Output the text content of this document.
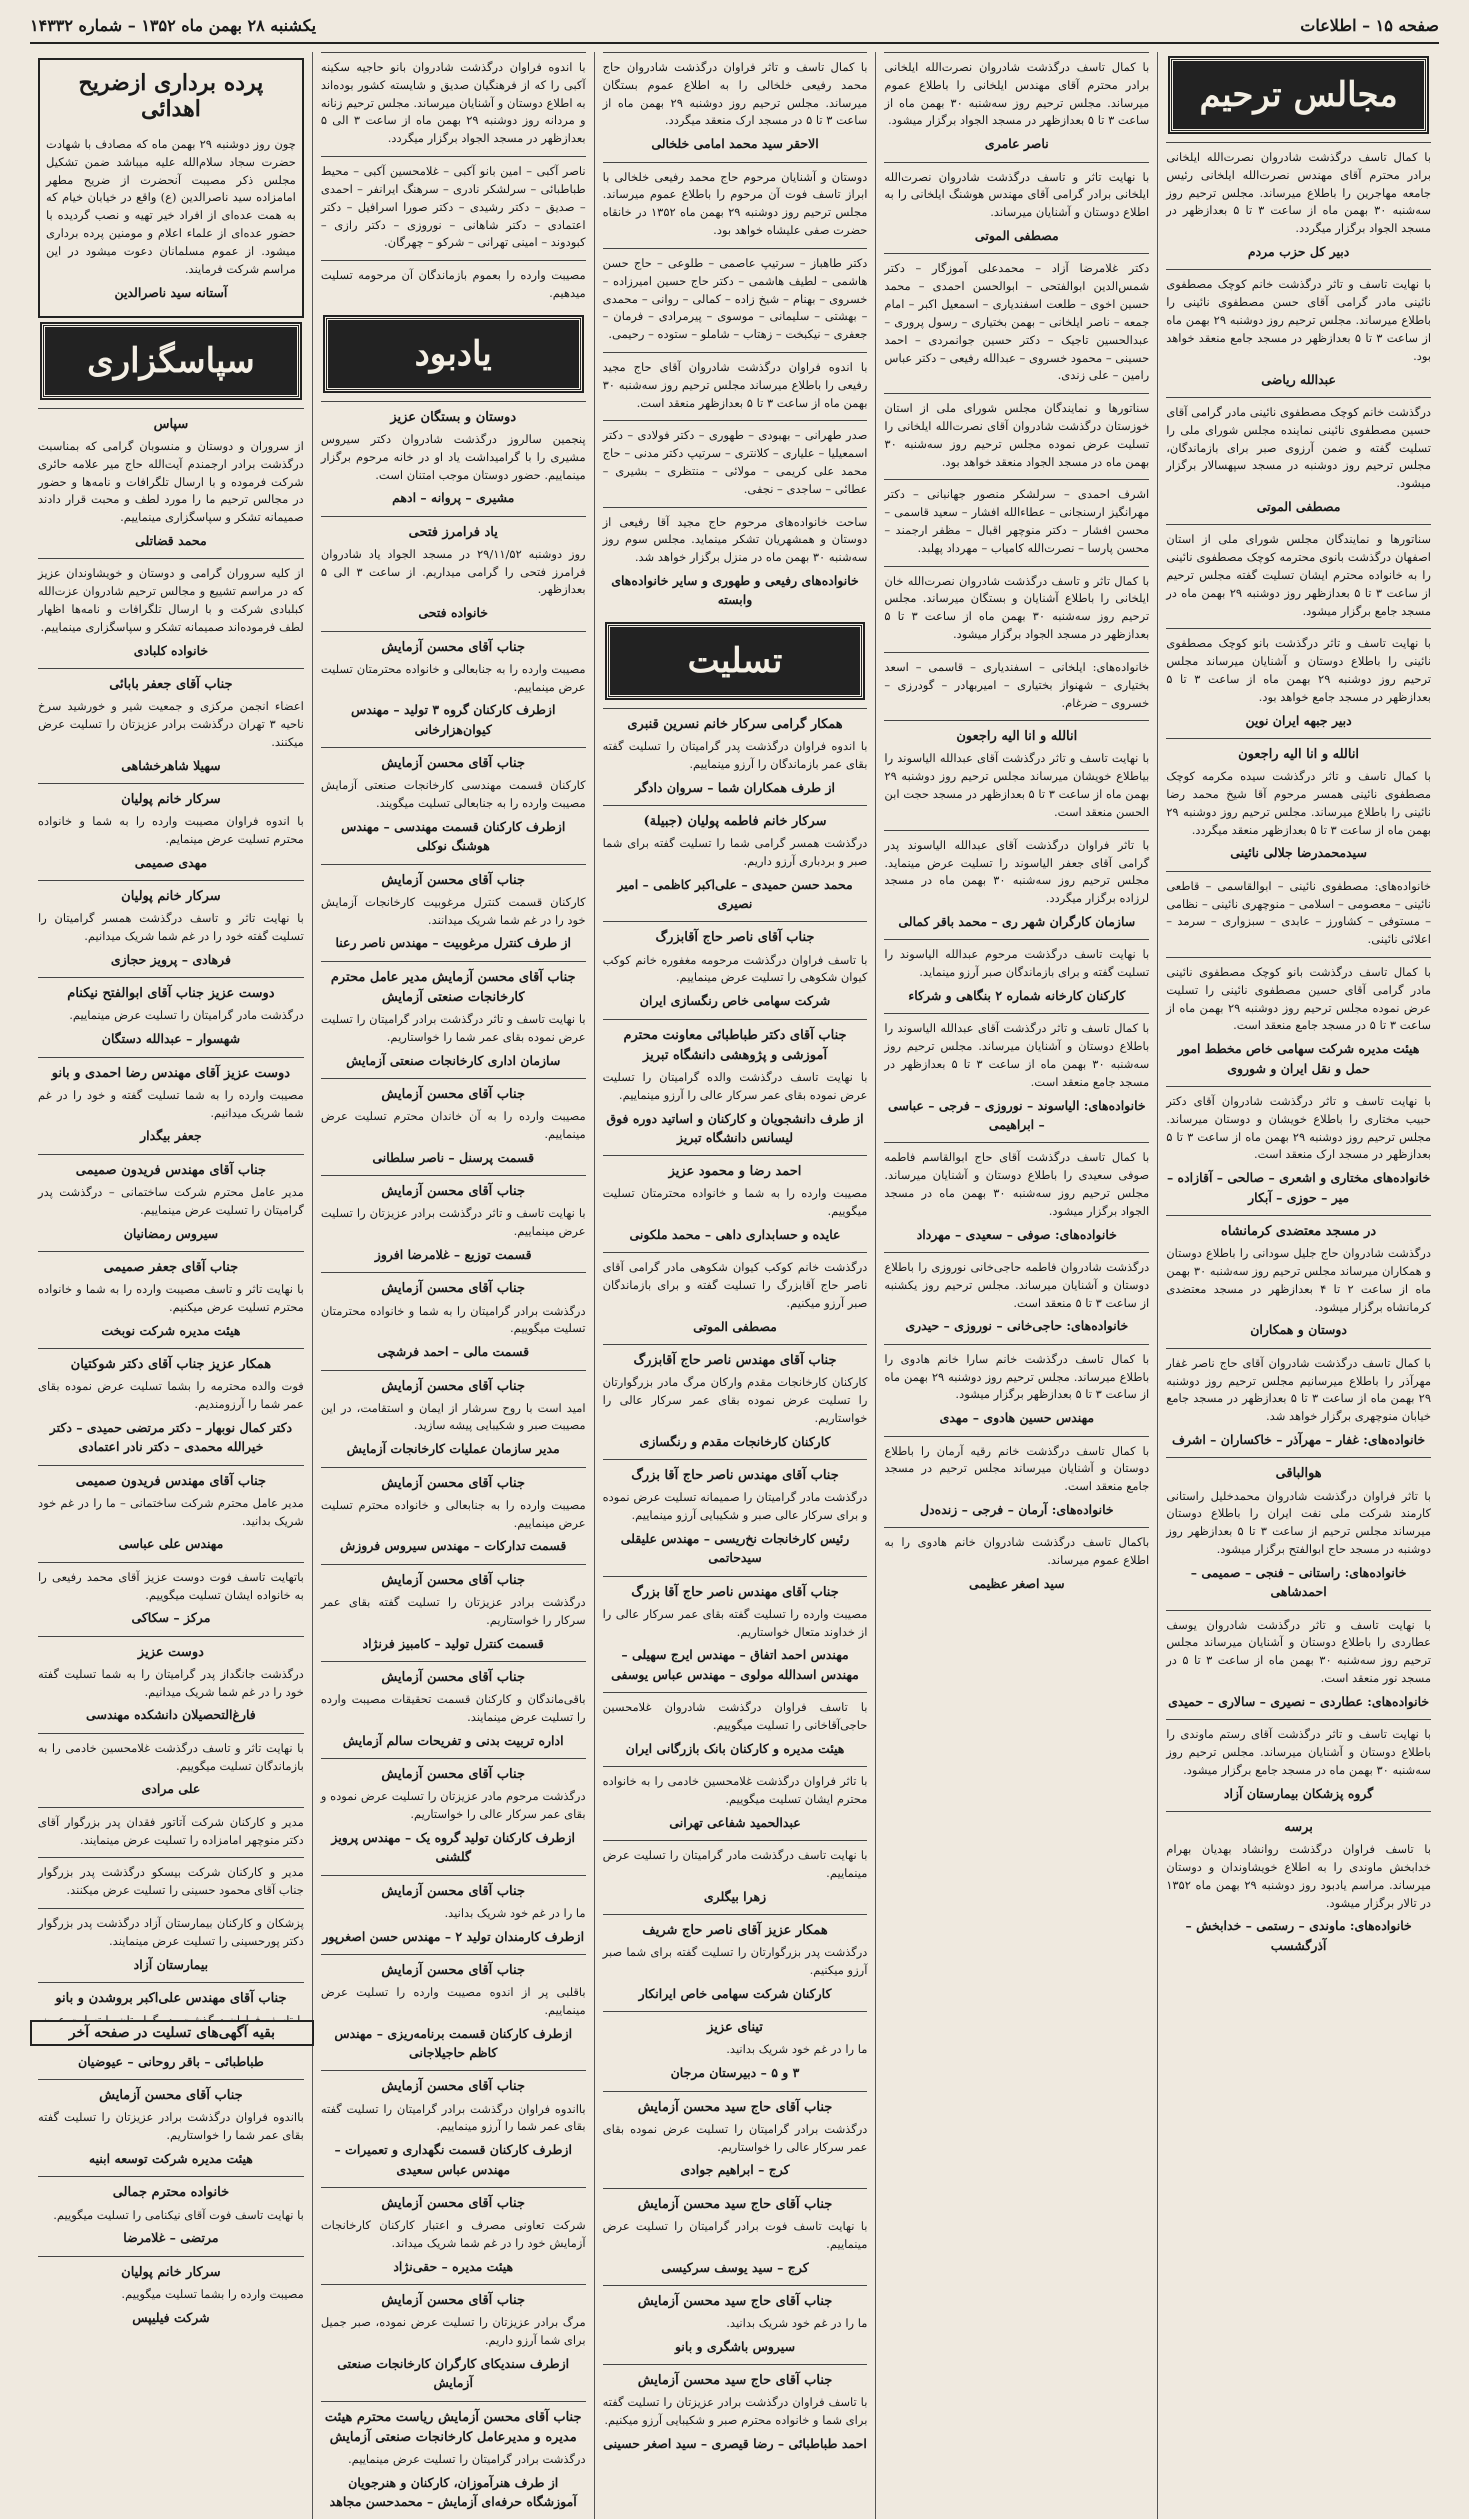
صفحه ۱۵ – اطلاعات
یکشنبه ۲۸ بهمن ماه ۱۳۵۲ – شماره ۱۴۳۳۲
مجالس ترحیم
با کمال تاسف درگذشت شادروان نصرت‌الله ایلخانی برادر محترم آقای مهندس نصرت‌الله ایلخانی رئیس جامعه مهاجرین را باطلاع میرساند. مجلس ترحیم روز سه‌شنبه ۳۰ بهمن ماه از ساعت ۳ تا ۵ بعدازظهر در مسجد الجواد برگزار میگردد.
دبیر کل حزب مردم
با نهایت تاسف و تاثر درگذشت خانم کوچک مصطفوی نائینی مادر گرامی آقای حسن مصطفوی نائینی را باطلاع میرساند. مجلس ترحیم روز دوشنبه ۲۹ بهمن ماه از ساعت ۳ تا ۵ بعدازظهر در مسجد جامع منعقد خواهد بود.
عبدالله ریاضی
درگذشت خانم کوچک مصطفوی نائینی مادر گرامی آقای حسین مصطفوی نائینی نماینده مجلس شورای ملی را تسلیت گفته و ضمن آرزوی صبر برای بازماندگان، مجلس ترحیم روز دوشنبه در مسجد سپهسالار برگزار میشود.
مصطفی الموتی
سناتورها و نمایندگان مجلس شورای ملی از استان اصفهان درگذشت بانوی محترمه کوچک مصطفوی نائینی را به خانواده محترم ایشان تسلیت گفته مجلس ترحیم از ساعت ۳ تا ۵ بعدازظهر روز دوشنبه ۲۹ بهمن ماه در مسجد جامع برگزار میشود.
با نهایت تاسف و تاثر درگذشت بانو کوچک مصطفوی نائینی را باطلاع دوستان و آشنایان میرساند مجلس ترحیم روز دوشنبه ۲۹ بهمن ماه از ساعت ۳ تا ۵ بعدازظهر در مسجد جامع خواهد بود.
دبیر جبهه ایران نوین
انالله و انا الیه راجعون
با کمال تاسف و تاثر درگذشت سیده مکرمه کوچک مصطفوی نائینی همسر مرحوم آقا شیخ محمد رضا نائینی را باطلاع میرساند. مجلس ترحیم روز دوشنبه ۲۹ بهمن ماه از ساعت ۳ تا ۵ بعدازظهر منعقد میگردد.
سیدمحمدرضا جلالی نائینی
خانواده‌های: مصطفوی نائینی – ابوالقاسمی – قاطعی نائینی – معصومی – اسلامی – منوچهری نائینی – نظامی – مستوفی – کشاورز – عابدی – سبزواری – سرمد – اعلائی نائینی.
با کمال تاسف درگذشت بانو کوچک مصطفوی نائینی مادر گرامی آقای حسین مصطفوی نائینی را تسلیت عرض نموده مجلس ترحیم روز دوشنبه ۲۹ بهمن ماه از ساعت ۳ تا ۵ در مسجد جامع منعقد است.
هیئت مدیره شرکت سهامی خاص مخطط امور حمل و نقل ایران و شوروی
با نهایت تاسف و تاثر درگذشت شادروان آقای دکتر حبیب مختاری را باطلاع خویشان و دوستان میرساند. مجلس ترحیم روز دوشنبه ۲۹ بهمن ماه از ساعت ۳ تا ۵ بعدازظهر در مسجد ارک منعقد است.
خانواده‌های مختاری و اشعری – صالحی – آقازاده – میر – حوزی – آبکار
در مسجد معتضدی کرمانشاه
درگذشت شادروان حاج جلیل سودانی را باطلاع دوستان و همکاران میرساند مجلس ترحیم روز سه‌شنبه ۳۰ بهمن ماه از ساعت ۲ تا ۴ بعدازظهر در مسجد معتضدی کرمانشاه برگزار میشود.
دوستان و همکاران
با کمال تاسف درگذشت شادروان آقای حاج ناصر غفار مهرآذر را باطلاع میرسانیم مجلس ترحیم روز دوشنبه ۲۹ بهمن ماه از ساعت ۳ تا ۵ بعدازظهر در مسجد جامع خیابان منوچهری برگزار خواهد شد.
خانواده‌های: غفار – مهرآذر – خاکساران – اشرف
هوالباقی
با تاثر فراوان درگذشت شادروان محمدخلیل راستانی کارمند شرکت ملی نفت ایران را باطلاع دوستان میرساند مجلس ترحیم از ساعت ۳ تا ۵ بعدازظهر روز دوشنبه در مسجد حاج ابوالفتح برگزار میشود.
خانواده‌های: راستانی – فنجی – صمیمی – احمدشاهی
با نهایت تاسف و تاثر درگذشت شادروان یوسف عطاردی را باطلاع دوستان و آشنایان میرساند مجلس ترحیم روز سه‌شنبه ۳۰ بهمن ماه از ساعت ۳ تا ۵ در مسجد نور منعقد است.
خانواده‌های: عطاردی – نصیری – سالاری – حمیدی
با نهایت تاسف و تاثر درگذشت آقای رستم ماوندی را باطلاع دوستان و آشنایان میرساند. مجلس ترحیم روز سه‌شنبه ۳۰ بهمن ماه در مسجد جامع برگزار میشود.
گروه پزشکان بیمارستان آزاد
برسه
با تاسف فراوان درگذشت روانشاد بهدیان بهرام خدابخش ماوندی را به اطلاع خویشاوندان و دوستان میرساند. مراسم یادبود روز دوشنبه ۲۹ بهمن ماه ۱۳۵۲ در تالار برگزار میشود.
خانواده‌های: ماوندی – رستمی – خدابخش – آذرگشسب
با کمال تاسف درگذشت شادروان نصرت‌الله ایلخانی برادر محترم آقای مهندس ایلخانی را باطلاع عموم میرساند. مجلس ترحیم روز سه‌شنبه ۳۰ بهمن ماه از ساعت ۳ تا ۵ بعدازظهر در مسجد الجواد برگزار میشود.
ناصر عامری
با نهایت تاثر و تاسف درگذشت شادروان نصرت‌الله ایلخانی برادر گرامی آقای مهندس هوشنگ ایلخانی را به اطلاع دوستان و آشنایان میرساند.
مصطفی الموتی
دکتر غلامرضا آزاد – محمدعلی آموزگار – دکتر شمس‌الدین ابوالفتحی – ابوالحسن احمدی – محمد حسین اخوی – طلعت اسفندیاری – اسمعیل اکبر – امام جمعه – ناصر ایلخانی – بهمن بختیاری – رسول پروری – عبدالحسین تاجیک – دکتر حسین جوانمردی – احمد حسینی – محمود خسروی – عبدالله رفیعی – دکتر عباس رامین – علی زندی.
سناتورها و نمایندگان مجلس شورای ملی از استان خوزستان درگذشت شادروان آقای نصرت‌الله ایلخانی را تسلیت عرض نموده مجلس ترحیم روز سه‌شنبه ۳۰ بهمن ماه در مسجد الجواد منعقد خواهد بود.
اشرف احمدی – سرلشکر منصور جهانبانی – دکتر مهرانگیز ارسنجانی – عطاءالله افشار – سعید قاسمی – محسن افشار – دکتر منوچهر اقبال – مظفر ارجمند – محسن پارسا – نصرت‌الله کامیاب – مهرداد پهلبد.
با کمال تاثر و تاسف درگذشت شادروان نصرت‌الله خان ایلخانی را باطلاع آشنایان و بستگان میرساند. مجلس ترحیم روز سه‌شنبه ۳۰ بهمن ماه از ساعت ۳ تا ۵ بعدازظهر در مسجد الجواد برگزار میشود.
خانواده‌های: ایلخانی – اسفندیاری – قاسمی – اسعد بختیاری – شهنواز بختیاری – امیربهادر – گودرزی – خسروی – ضرغام.
انالله و انا الیه راجعون
با نهایت تاسف و تاثر درگذشت آقای عبدالله الیاسوند را بیاطلاع خویشان میرساند مجلس ترحیم روز دوشنبه ۲۹ بهمن ماه از ساعت ۳ تا ۵ بعدازظهر در مسجد حجت ابن الحسن منعقد است.
با تاثر فراوان درگذشت آقای عبدالله الیاسوند پدر گرامی آقای جعفر الیاسوند را تسلیت عرض مینماید. مجلس ترحیم روز سه‌شنبه ۳۰ بهمن ماه در مسجد لرزاده برگزار میگردد.
سازمان کارگران شهر ری – محمد باقر کمالی
با نهایت تاسف درگذشت مرحوم عبدالله الیاسوند را تسلیت گفته و برای بازماندگان صبر آرزو مینماید.
کارکنان کارخانه شماره ۲ بنگاهی و شرکاء
با کمال تاسف و تاثر درگذشت آقای عبدالله الیاسوند را باطلاع دوستان و آشنایان میرساند. مجلس ترحیم روز سه‌شنبه ۳۰ بهمن ماه از ساعت ۳ تا ۵ بعدازظهر در مسجد جامع منعقد است.
خانواده‌های: الیاسوند – نوروزی – فرجی – عباسی – ابراهیمی
با کمال تاسف درگذشت آقای حاج ابوالقاسم فاطمه صوفی سعیدی را باطلاع دوستان و آشنایان میرساند. مجلس ترحیم روز سه‌شنبه ۳۰ بهمن ماه در مسجد الجواد برگزار میشود.
خانواده‌های: صوفی – سعیدی – مهرداد
درگذشت شادروان فاطمه حاجی‌خانی نوروزی را باطلاع دوستان و آشنایان میرساند. مجلس ترحیم روز یکشنبه از ساعت ۳ تا ۵ منعقد است.
خانواده‌های: حاجی‌خانی – نوروزی – حیدری
با کمال تاسف درگذشت خانم سارا خانم هادوی را باطلاع میرساند. مجلس ترحیم روز دوشنبه ۲۹ بهمن ماه از ساعت ۳ تا ۵ بعدازظهر برگزار میشود.
مهندس حسین هادوی – مهدی
با کمال تاسف درگذشت خانم رقیه آرمان را باطلاع دوستان و آشنایان میرساند مجلس ترحیم در مسجد جامع منعقد است.
خانواده‌های: آرمان – فرجی – زنده‌دل
باکمال تاسف درگذشت شادروان خانم هادوی را به اطلاع عموم میرساند.
سید اصغر عظیمی
با کمال تاسف و تاثر فراوان درگذشت شادروان حاج محمد رفیعی خلخالی را به اطلاع عموم بستگان میرساند. مجلس ترحیم روز دوشنبه ۲۹ بهمن ماه از ساعت ۳ تا ۵ در مسجد ارک منعقد میگردد.
الاحقر سید محمد امامی خلخالی
دوستان و آشنایان مرحوم حاج محمد رفیعی خلخالی با ابراز تاسف فوت آن مرحوم را باطلاع عموم میرساند. مجلس ترحیم روز دوشنبه ۲۹ بهمن ماه ۱۳۵۲ در خانقاه حضرت صفی علیشاه خواهد بود.
دکتر طاهباز – سرتیپ عاصمی – طلوعی – حاج حسن هاشمی – لطیف هاشمی – دکتر حاج حسین امیرزاده – خسروی – بهنام – شیخ زاده – کمالی – روانی – محمدی – بهشتی – سلیمانی – موسوی – پیرمرادی – فرمان – جعفری – نیکبخت – زهتاب – شاملو – ستوده – رحیمی.
با اندوه فراوان درگذشت شادروان آقای حاج مجید رفیعی را باطلاع میرساند مجلس ترحیم روز سه‌شنبه ۳۰ بهمن ماه از ساعت ۳ تا ۵ بعدازظهر منعقد است.
صدر طهرانی – بهبودی – طهوری – دکتر فولادی – دکتر اسمعیلیا – علیاری – کلانتری – سرتیپ دکتر مدنی – حاج محمد علی کریمی – مولائی – منتظری – بشیری – عطائی – ساجدی – نجفی.
ساحت خانواده‌های مرحوم حاج مجید آقا رفیعی از دوستان و همشهریان تشکر مینماید. مجلس سوم روز سه‌شنبه ۳۰ بهمن ماه در منزل برگزار خواهد شد.
خانواده‌های رفیعی و طهوری و سایر خانواده‌های وابسته
تسلیت
همکار گرامی سرکار خانم نسرین قنبری
با اندوه فراوان درگذشت پدر گرامیتان را تسلیت گفته بقای عمر بازماندگان را آرزو مینماییم.
از طرف همکاران شما – سروان دادگر
سرکار خانم فاطمه پولیان (جبیلة)
درگذشت همسر گرامی شما را تسلیت گفته برای شما صبر و بردباری آرزو داریم.
محمد حسن حمیدی – علی‌اکبر کاظمی – امیر نصیری
جناب آقای ناصر حاج آقابزرگ
با تاسف فراوان درگذشت مرحومه مغفوره خانم کوکب کیوان شکوهی را تسلیت عرض مینماییم.
شرکت سهامی خاص رنگسازی ایران
جناب آقای دکتر طباطبائی معاونت محترم آموزشی و پژوهشی دانشگاه تبریز
با نهایت تاسف درگذشت والده گرامیتان را تسلیت عرض نموده بقای عمر سرکار عالی را آرزو مینماییم.
از طرف دانشجویان و کارکنان و اساتید دوره فوق لیسانس دانشگاه تبریز
احمد رضا و محمود عزیز
مصیبت وارده را به شما و خانواده محترمتان تسلیت میگوییم.
عایده و حسابداری داهی – محمد ملکونی
درگذشت خانم کوکب کیوان شکوهی مادر گرامی آقای ناصر حاج آقابزرگ را تسلیت گفته و برای بازماندگان صبر آرزو میکنیم.
مصطفی الموتی
جناب آقای مهندس ناصر حاج آقابزرگ
کارکنان کارخانجات مقدم وارکان مرگ مادر بزرگوارتان را تسلیت عرض نموده بقای عمر سرکار عالی را خواستاریم.
کارکنان کارخانجات مقدم و رنگسازی
جناب آقای مهندس ناصر حاج آقا بزرگ
درگذشت مادر گرامیتان را صمیمانه تسلیت عرض نموده و برای سرکار عالی صبر و شکیبایی آرزو مینماییم.
رئیس کارخانجات نخ‌ریسی – مهندس علیقلی سیدحاتمی
جناب آقای مهندس ناصر حاج آقا بزرگ
مصیبت وارده را تسلیت گفته بقای عمر سرکار عالی را از خداوند متعال خواستاریم.
مهندس احمد اتفاق – مهندس ایرج سهیلی – مهندس اسدالله مولوی – مهندس عباس یوسفی
با تاسف فراوان درگذشت شادروان غلامحسین حاجی‌آقاخانی را تسلیت میگوییم.
هیئت مدیره و کارکنان بانک بازرگانی ایران
با تاثر فراوان درگذشت غلامحسین خادمی را به خانواده محترم ایشان تسلیت میگوییم.
عبدالحمید شفاعی تهرانی
با نهایت تاسف درگذشت مادر گرامیتان را تسلیت عرض مینماییم.
زهرا بیگلری
همکار عزیز آقای ناصر حاج شریف
درگذشت پدر بزرگوارتان را تسلیت گفته برای شما صبر آرزو میکنیم.
کارکنان شرکت سهامی خاص ایرانکار
تینای عزیز
ما را در غم خود شریک بدانید.
۳ و ۵ – دبیرستان مرجان
جناب آقای حاج سید محسن آزمایش
درگذشت برادر گرامیتان را تسلیت عرض نموده بقای عمر سرکار عالی را خواستاریم.
کرج – ابراهیم جوادی
جناب آقای حاج سید محسن آزمایش
با نهایت تاسف فوت برادر گرامیتان را تسلیت عرض مینماییم.
کرج – سید یوسف سرکیسی
جناب آقای حاج سید محسن آزمایش
ما را در غم خود شریک بدانید.
سیروس باشگری و بانو
جناب آقای حاج سید محسن آزمایش
با تاسف فراوان درگذشت برادر عزیزتان را تسلیت گفته برای شما و خانواده محترم صبر و شکیبایی آرزو میکنیم.
احمد طباطبائی – رضا قیصری – سید اصغر حسینی
با اندوه فراوان درگذشت شادروان بانو حاجیه سکینه آکبی را که از فرهنگیان صدیق و شایسته کشور بوده‌اند به اطلاع دوستان و آشنایان میرساند. مجلس ترحیم زنانه و مردانه روز دوشنبه ۲۹ بهمن ماه از ساعت ۳ الی ۵ بعدازظهر در مسجد الجواد برگزار میگردد.
ناصر آکبی – امین بانو آکبی – غلامحسین آکبی – محیط طباطبائی – سرلشکر نادری – سرهنگ ایرانفر – احمدی – صدیق – دکتر رشیدی – دکتر صورا اسرافیل – دکتر اعتمادی – دکتر شاهانی – نوروزی – دکتر رازی – کبودوند – امینی تهرانی – شرکو – چهرگان.
مصیبت وارده را بعموم بازماندگان آن مرحومه تسلیت میدهیم.
یادبود
دوستان و بستگان عزیز
پنجمین سالروز درگذشت شادروان دکتر سیروس مشیری را با گرامیداشت یاد او در خانه مرحوم برگزار مینماییم. حضور دوستان موجب امتنان است.
مشیری – پروانه – ادهم
یاد فرامرز فتحی
روز دوشنبه ۲۹/۱۱/۵۲ در مسجد الجواد یاد شادروان فرامرز فتحی را گرامی میداریم. از ساعت ۳ الی ۵ بعدازظهر.
خانواده فتحی
جناب آقای محسن آزمایش
مصیبت وارده را به جنابعالی و خانواده محترمتان تسلیت عرض مینماییم.
ازطرف کارکنان گروه ۳ تولید – مهندس کیوان‌هزارخانی
جناب آقای محسن آزمایش
کارکنان قسمت مهندسی کارخانجات صنعتی آزمایش مصیبت وارده را به جنابعالی تسلیت میگویند.
ازطرف کارکنان قسمت مهندسی – مهندس هوشنگ نوکلی
جناب آقای محسن آزمایش
کارکنان قسمت کنترل مرغوبیت کارخانجات آزمایش خود را در غم شما شریک میدانند.
از طرف کنترل مرغوبیت – مهندس ناصر رعنا
جناب آقای محسن آزمایش مدیر عامل محترم کارخانجات صنعتی آزمایش
با نهایت تاسف و تاثر درگذشت برادر گرامیتان را تسلیت عرض نموده بقای عمر شما را خواستاریم.
سازمان اداری کارخانجات صنعتی آزمایش
جناب آقای محسن آزمایش
مصیبت وارده را به آن خاندان محترم تسلیت عرض مینماییم.
قسمت پرسنل – ناصر سلطانی
جناب آقای محسن آزمایش
با نهایت تاسف و تاثر درگذشت برادر عزیزتان را تسلیت عرض مینماییم.
قسمت توزیع – غلامرضا افروز
جناب آقای محسن آزمایش
درگذشت برادر گرامیتان را به شما و خانواده محترمتان تسلیت میگوییم.
قسمت مالی – احمد فرشچی
جناب آقای محسن آزمایش
امید است با روح سرشار از ایمان و استقامت، در این مصیبت صبر و شکیبایی پیشه سازید.
مدیر سازمان عملیات کارخانجات آزمایش
جناب آقای محسن آزمایش
مصیبت وارده را به جنابعالی و خانواده محترم تسلیت عرض مینماییم.
قسمت تدارکات – مهندس سیروس فروزش
جناب آقای محسن آزمایش
درگذشت برادر عزیزتان را تسلیت گفته بقای عمر سرکار را خواستاریم.
قسمت کنترل تولید – کامبیز فرنژاد
جناب آقای محسن آزمایش
باقی‌ماندگان و کارکنان قسمت تحقیقات مصیبت وارده را تسلیت عرض مینمایند.
اداره تربیت بدنی و تفریحات سالم آزمایش
جناب آقای محسن آزمایش
درگذشت مرحوم مادر عزیزتان را تسلیت عرض نموده و بقای عمر سرکار عالی را خواستاریم.
ازطرف کارکنان تولید گروه یک – مهندس پرویز گلشنی
جناب آقای محسن آزمایش
ما را در غم خود شریک بدانید.
ازطرف کارمندان تولید ۲ – مهندس حسن اصغرپور
جناب آقای محسن آزمایش
باقلبی پر از اندوه مصیبت وارده را تسلیت عرض مینماییم.
ازطرف کارکنان قسمت برنامه‌ریزی – مهندس کاظم حاجیلاجانی
جناب آقای محسن آزمایش
بااندوه فراوان درگذشت برادر گرامیتان را تسلیت گفته بقای عمر شما را آرزو مینماییم.
ازطرف کارکنان قسمت نگهداری و تعمیرات – مهندس عباس سعیدی
جناب آقای محسن آزمایش
شرکت تعاونی مصرف و اعتبار کارکنان کارخانجات آزمایش خود را در غم شما شریک میداند.
هیئت مدیره – حقی‌نژاد
جناب آقای محسن آزمایش
مرگ برادر عزیزتان را تسلیت عرض نموده، صبر جمیل برای شما آرزو داریم.
ازطرف سندیکای کارگران کارخانجات صنعتی آزمایش
جناب آقای محسن آزمایش ریاست محترم هیئت مدیره و مدیرعامل کارخانجات صنعتی آزمایش
درگذشت برادر گرامیتان را تسلیت عرض مینماییم.
از طرف هنرآموزان، کارکنان و هنرجویان آموزشگاه حرفه‌ای آزمایش – محمدحسن مجاهد
پرده برداری ازضریح اهدائی
چون روز دوشنبه ۲۹ بهمن ماه که مصادف با شهادت حضرت سجاد سلام‌الله علیه میباشد ضمن تشکیل مجلس ذکر مصیبت آنحضرت از ضریح مطهر امامزاده سید ناصرالدین (ع) واقع در خیابان خیام که به همت عده‌ای از افراد خیر تهیه و نصب گردیده با حضور عده‌ای از علماء اعلام و مومنین پرده برداری میشود. از عموم مسلمانان دعوت میشود در این مراسم شرکت فرمایند.
آستانه سید ناصرالدین
سپاسگزاری
سپاس
از سروران و دوستان و منسوبان گرامی که بمناسبت درگذشت برادر ارجمندم آیت‌الله حاج میر علامه حائری شرکت فرموده و با ارسال تلگرافات و نامه‌ها و حضور در مجالس ترحیم ما را مورد لطف و محبت قرار دادند صمیمانه تشکر و سپاسگزاری مینماییم.
محمد قضاتلی
از کلیه سروران گرامی و دوستان و خویشاوندان عزیز که در مراسم تشییع و مجالس ترحیم شادروان عزت‌الله کبلبادی شرکت و با ارسال تلگرافات و نامه‌ها اظهار لطف فرموده‌اند صمیمانه تشکر و سپاسگزاری مینماییم.
خانواده کلبادی
جناب آقای جعفر بابائی
اعضاء انجمن مرکزی و جمعیت شیر و خورشید سرخ ناحیه ۳ تهران درگذشت برادر عزیزتان را تسلیت عرض میکنند.
سهیلا شاهرخشاهی
سرکار خانم پولیان
با اندوه فراوان مصیبت وارده را به شما و خانواده محترم تسلیت عرض مینمایم.
مهدی صمیمی
سرکار خانم پولیان
با نهایت تاثر و تاسف درگذشت همسر گرامیتان را تسلیت گفته خود را در غم شما شریک میدانیم.
فرهادی – پرویز حجازی
دوست عزیز جناب آقای ابوالفتح نیکنام
درگذشت مادر گرامیتان را تسلیت عرض مینماییم.
شهسوار – عبدالله دستگان
دوست عزیز آقای مهندس رضا احمدی و بانو
مصیبت وارده را به شما تسلیت گفته و خود را در غم شما شریک میدانیم.
جعفر بیگدار
جناب آقای مهندس فریدون صمیمی
مدیر عامل محترم شرکت ساختمانی – درگذشت پدر گرامیتان را تسلیت عرض مینماییم.
سیروس رمضانیان
جناب آقای جعفر صمیمی
با نهایت تاثر و تاسف مصیبت وارده را به شما و خانواده محترم تسلیت عرض میکنیم.
هیئت مدیره شرکت نوبخت
همکار عزیز جناب آقای دکتر شوکتیان
فوت والده محترمه را بشما تسلیت عرض نموده بقای عمر شما را آرزومندیم.
دکتر کمال نوبهار – دکتر مرتضی حمیدی – دکتر خیرالله محمدی – دکتر نادر اعتمادی
جناب آقای مهندس فریدون صمیمی
مدیر عامل محترم شرکت ساختمانی – ما را در غم خود شریک بدانید.
مهندس علی عباسی
باتهایت تاسف فوت دوست عزیز آقای محمد رفیعی را به خانواده ایشان تسلیت میگوییم.
مرکز – سکاکی
دوست عزیز
درگذشت جانگداز پدر گرامیتان را به شما تسلیت گفته خود را در غم شما شریک میدانیم.
فارغ‌التحصیلان دانشکده مهندسی
با نهایت تاثر و تاسف درگذشت غلامحسین خادمی را به بازماندگان تسلیت میگوییم.
علی مرادی
مدیر و کارکنان شرکت آتاتور فقدان پدر بزرگوار آقای دکتر منوچهر امامزاده را تسلیت عرض مینمایند.
مدیر و کارکنان شرکت بیسکو درگذشت پدر بزرگوار جناب آقای محمود حسینی را تسلیت عرض میکنند.
پزشکان و کارکنان بیمارستان آزاد درگذشت پدر بزرگوار دکتر پورحسینی را تسلیت عرض مینمایند.
بیمارستان آزاد
جناب آقای مهندس علی‌اکبر بروشدن و بانو
طباطبائی – باقر روحانی – عیوضیان
جناب آقای محسن آزمایش
بااندوه فراوان درگذشت برادر عزیزتان را تسلیت گفته بقای عمر شما را خواستاریم.
هیئت مدیره شرکت توسعه ابنیه
خانواده محترم جمالی
با نهایت تاسف فوت آقای نیکنامی را تسلیت میگوییم.
مرتضی – غلامرضا
سرکار خانم پولیان
مصیبت وارده را بشما تسلیت میگوییم.
شرکت فیلیپس
بقیه آگهی‌های تسلیت در صفحه آخر
